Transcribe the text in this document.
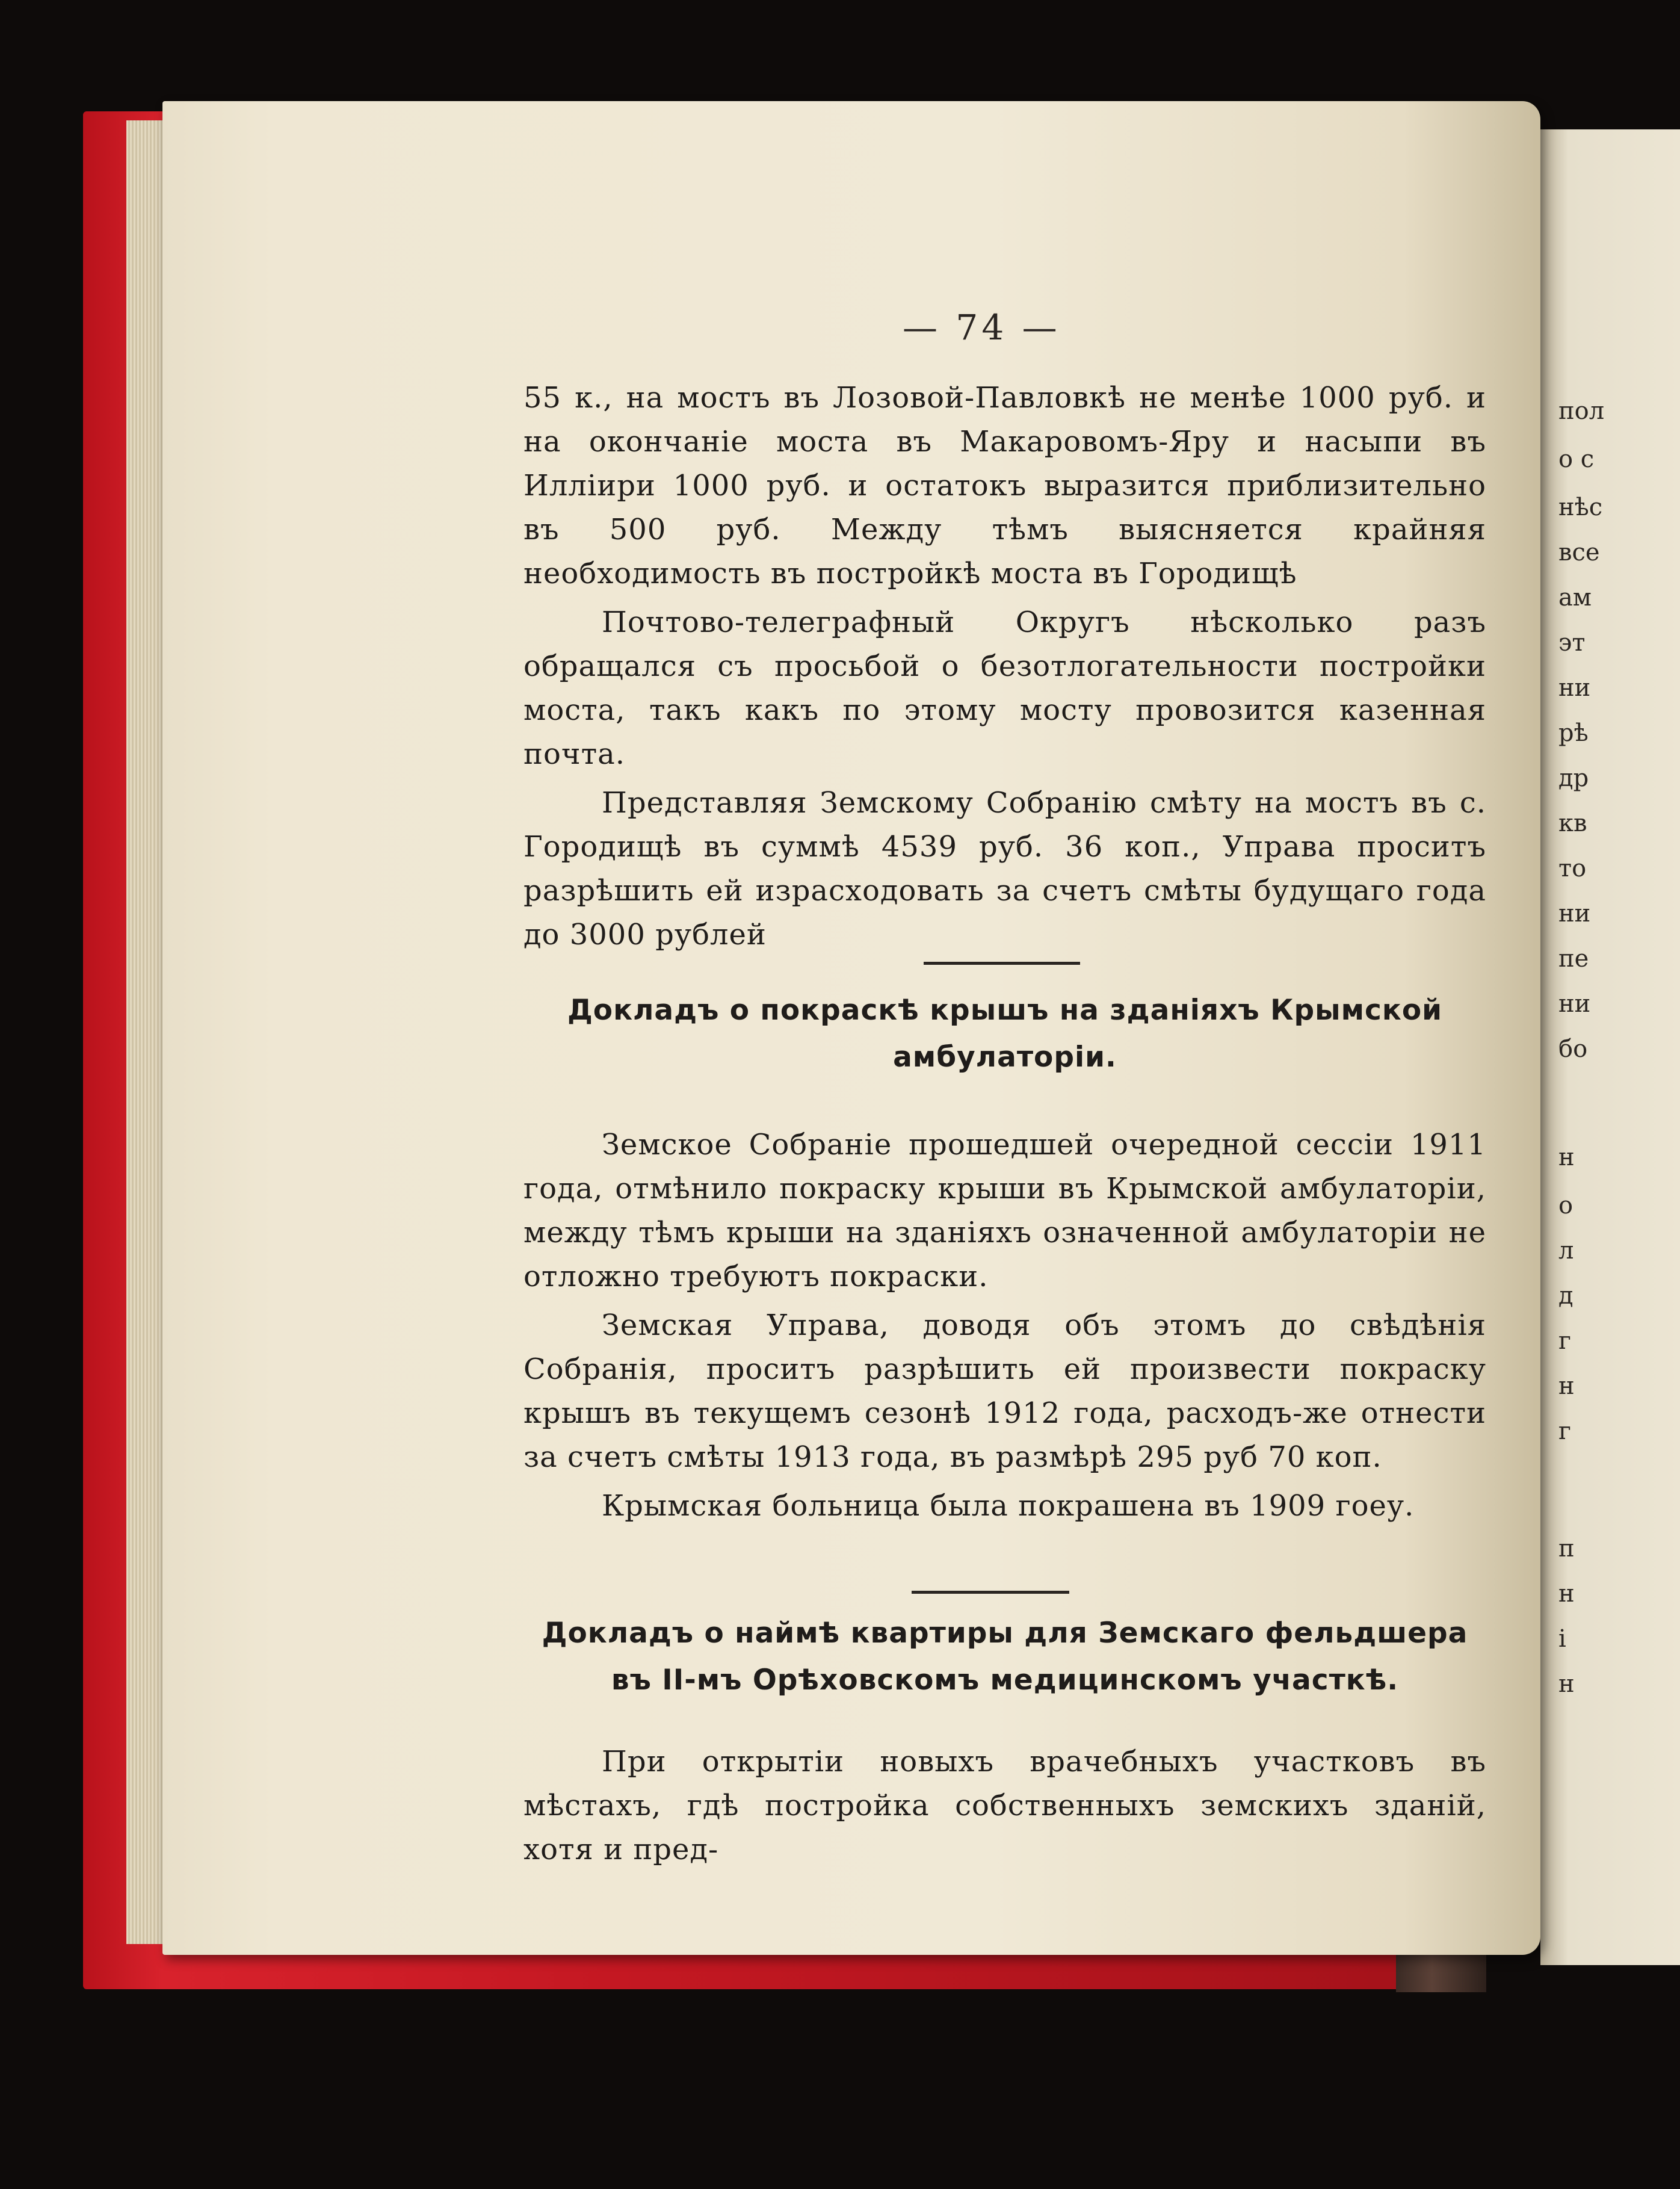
— 74 —

55 к., на мостъ въ Лозовой-Павловкѣ не менѣе 1000 руб. и на окончаніе моста въ Макаровомъ-Яру и насыпи въ Илліири 1000 руб. и остатокъ выразится приблизительно въ 500 руб. Между тѣмъ выясняется крайняя необходимость въ постройкѣ моста въ Городищѣ

Почтово-телеграфный Округъ нѣсколько разъ обращался съ просьбой о безотлогательности постройки моста, такъ какъ по этому мосту провозится казенная почта.

Представляя Земскому Собранію смѣту на мостъ въ с. Городищѣ въ суммѣ 4539 руб. 36 коп., Управа проситъ разрѣшить ей израсходовать за счетъ смѣты будущаго года до 3000 рублей

Докладъ о покраскѣ крышъ на зданіяхъ Крымской амбулаторіи.

Земское Собраніе прошедшей очередной сессіи 1911 года, отмѣнило покраску крыши въ Крымской амбулаторіи, между тѣмъ крыши на зданіяхъ означенной амбулаторіи не отложно требуютъ покраски.

Земская Управа, доводя объ этомъ до свѣдѣнія Собранія, проситъ разрѣшить ей произвести покраску крышъ въ текущемъ сезонѣ 1912 года, расходъ-же отнести за счетъ смѣты 1913 года, въ размѣрѣ 295 руб 70 коп.

Крымская больница была покрашена въ 1909 гоеу.

Докладъ о наймѣ квартиры для Земскаго фельдшера въ II-мъ Орѣховскомъ медицинскомъ участкѣ.

При открытіи новыхъ врачебныхъ участковъ въ мѣстахъ, гдѣ постройка собственныхъ земскихъ зданій, хотя и пред-

пол
о с
нѣс
все
ам
эт
ни
рѣ
др
кв
то
ни
пе
ни
бо
н
о
л
д
г
н
г
п
н
і
н
